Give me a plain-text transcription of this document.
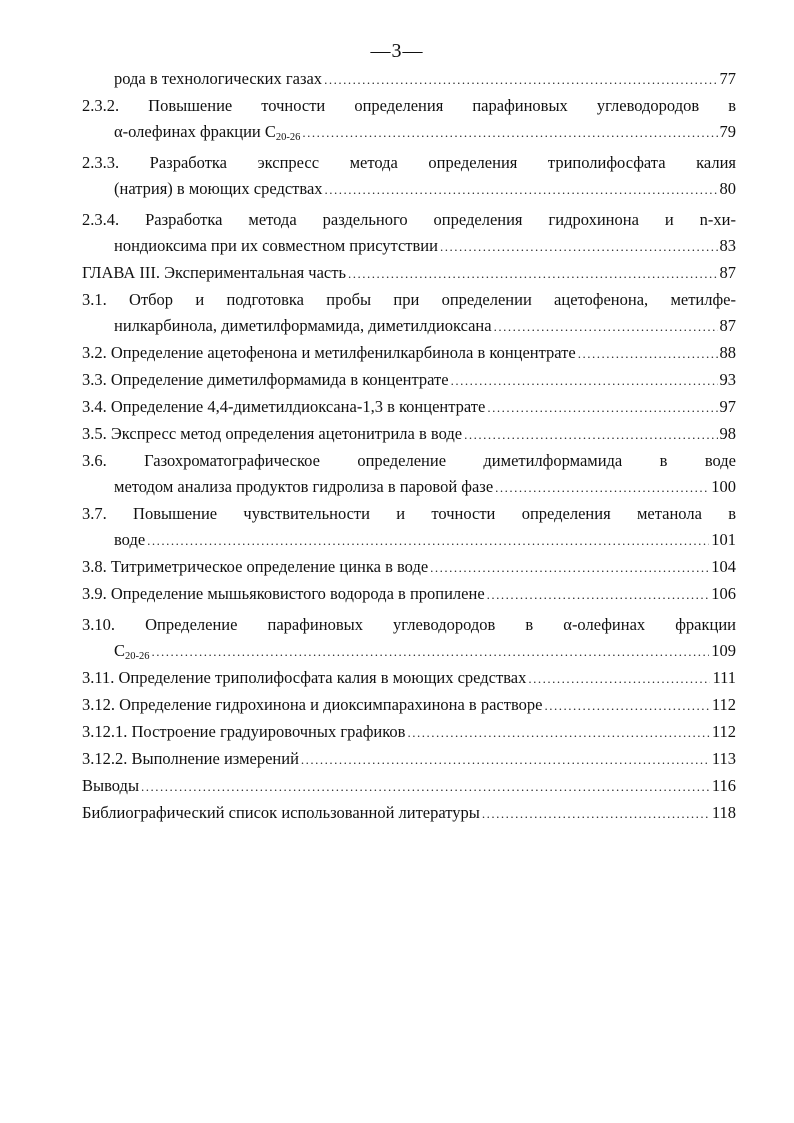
—3—
рода в технологических газах .....	77
2.3.2. Повышение точности определения парафиновых углеводородов в
α-олефинах фракции $C_{20-26}$ .....	79
2.3.3. Разработка экспресс метода определения триполифосфата калия
(натрия) в моющих средствах .....	80
2.3.4. Разработка метода раздельного определения гидрохинона и n-хи-
нондиоксима при их совместном присутствии .....	83
ГЛАВА III. Экспериментальная часть .....	87
3.1. Отбор и подготовка пробы при определении ацетофенона, метилфе-
нилкарбинола, диметилформамида, диметилдиоксана .....	87
3.2. Определение ацетофенона и метилфенилкарбинола в концентрате .....	88
3.3. Определение диметилформамида в концентрате .....	93
3.4. Определение 4,4-диметилдиоксана-1,3 в концентрате .....	97
3.5. Экспресс метод определения ацетонитрила в воде .....	98
3.6. Газохроматографическое определение диметилформамида в воде
методом анализа продуктов гидролиза в паровой фазе .....	100
3.7. Повышение чувствительности и точности определения метанола в
воде .....	101
3.8. Титриметрическое определение цинка в воде .....	104
3.9. Определение мышьяковистого водорода в пропилене .....	106
3.10. Определение парафиновых углеводородов в α-олефинах фракции
$C_{20-26}$ .....	109
3.11. Определение триполифосфата калия в моющих средствах .....	111
3.12. Определение гидрохинона и диоксимпарахинона в растворе .....	112
3.12.1. Построение градуировочных графиков .....	112
3.12.2. Выполнение измерений .....	113
Выводы .....	116
Библиографический список использованной литературы .....	118
